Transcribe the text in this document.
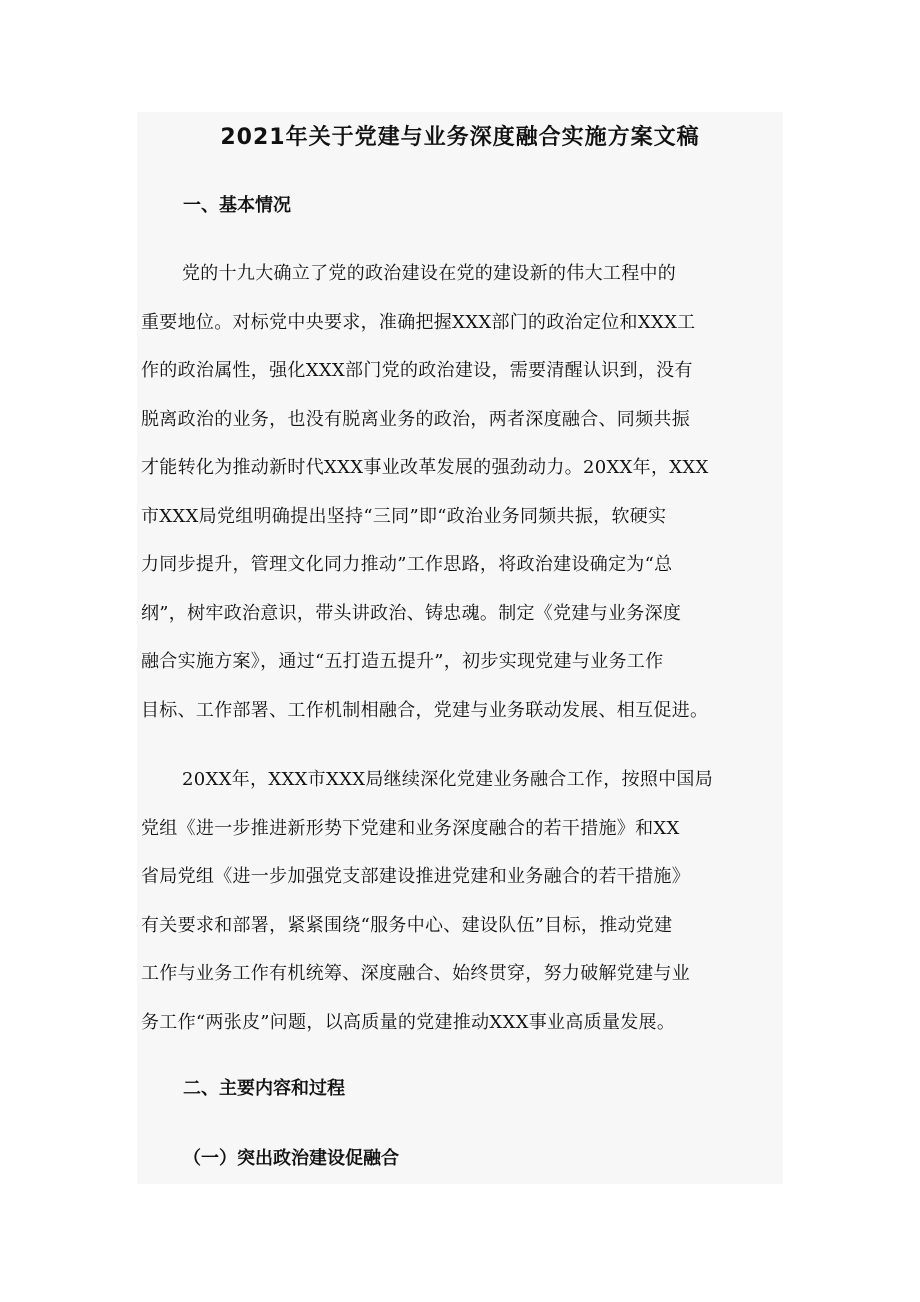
2021年关于党建与业务深度融合实施方案文稿
一、基本情况
党的十九大确立了党的政治建设在党的建设新的伟大工程中的
重要地位。对标党中央要求，准确把握XXX部门的政治定位和XXX工
作的政治属性，强化XXX部门党的政治建设，需要清醒认识到，没有
脱离政治的业务，也没有脱离业务的政治，两者深度融合、同频共振
才能转化为推动新时代XXX事业改革发展的强劲动力。20XX年，XXX
市XXX局党组明确提出坚持“三同”即“政治业务同频共振，软硬实
力同步提升，管理文化同力推动”工作思路，将政治建设确定为“总
纲”，树牢政治意识，带头讲政治、铸忠魂。制定《党建与业务深度
融合实施方案》，通过“五打造五提升”，初步实现党建与业务工作
目标、工作部署、工作机制相融合，党建与业务联动发展、相互促进。
20XX年，XXX市XXX局继续深化党建业务融合工作，按照中国局
党组《进一步推进新形势下党建和业务深度融合的若干措施》和XX
省局党组《进一步加强党支部建设推进党建和业务融合的若干措施》
有关要求和部署，紧紧围绕“服务中心、建设队伍”目标，推动党建
工作与业务工作有机统筹、深度融合、始终贯穿，努力破解党建与业
务工作“两张皮”问题，以高质量的党建推动XXX事业高质量发展。
二、主要内容和过程
（一）突出政治建设促融合
